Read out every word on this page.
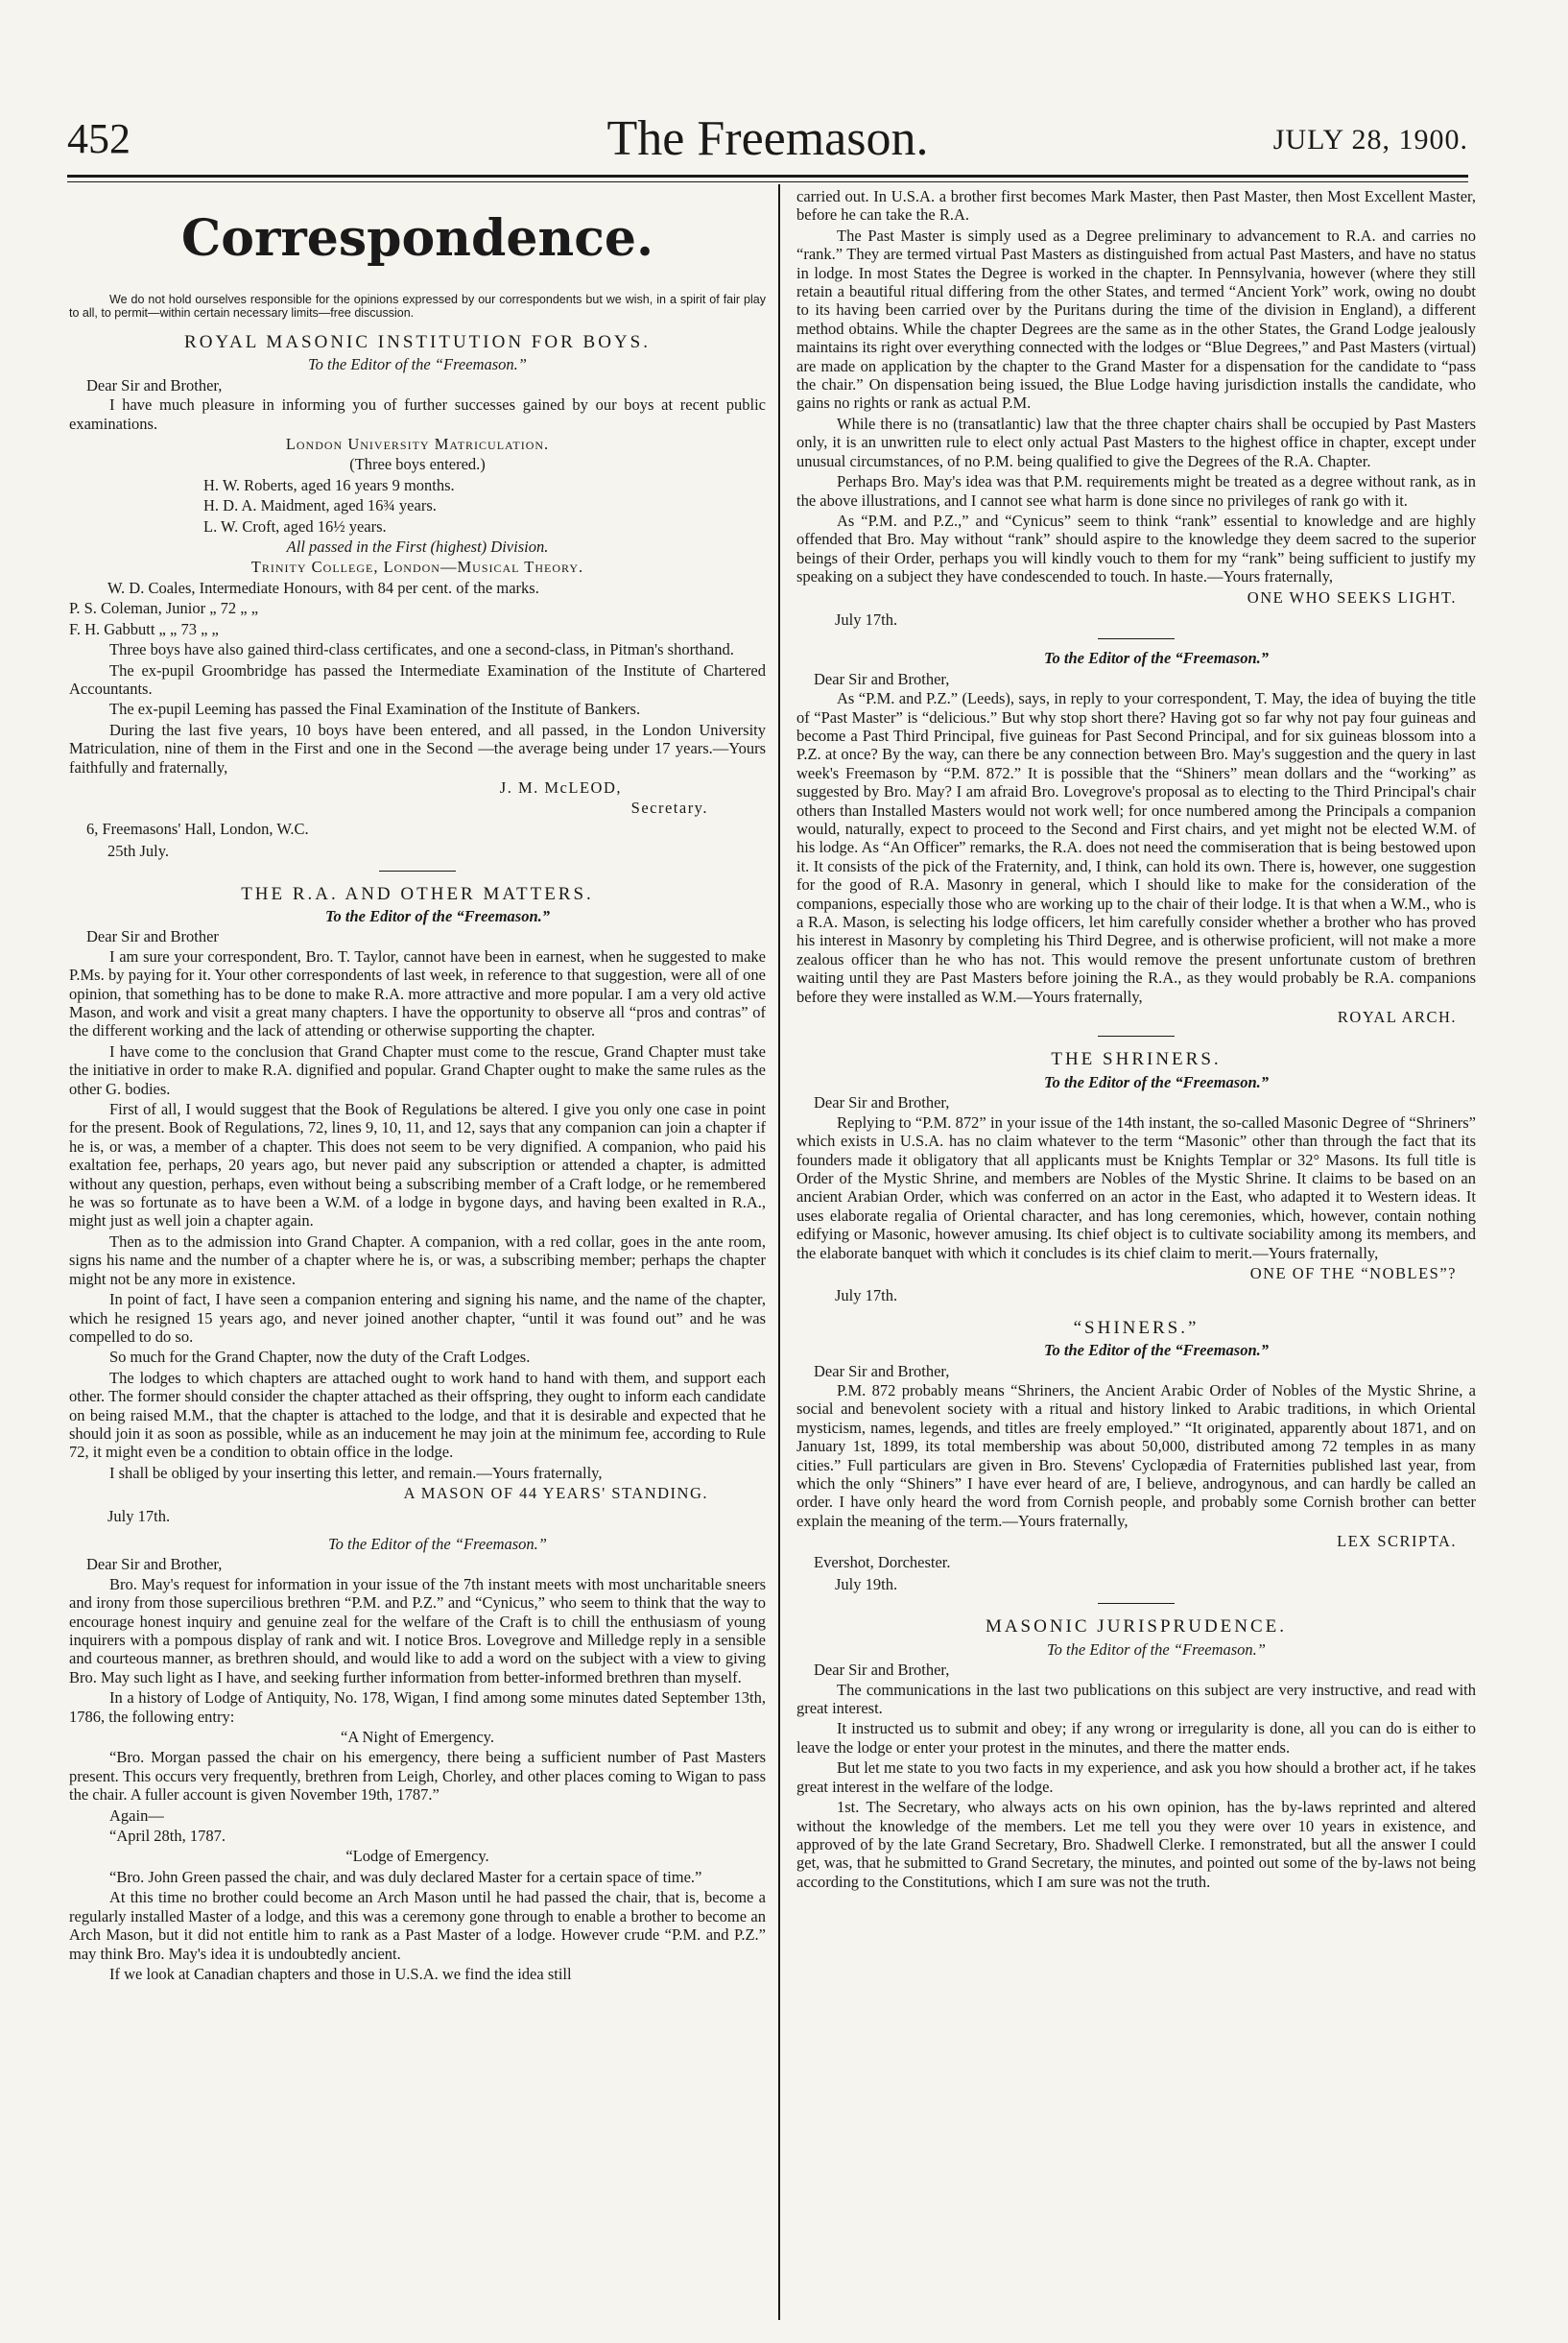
452	The Freemason.	JULY 28, 1900.
Correspondence.

We do not hold ourselves responsible for the opinions expressed by our correspondents but we wish, in a spirit of fair play to all, to permit—within certain necessary limits—free discussion.

ROYAL MASONIC INSTITUTION FOR BOYS.

To the Editor of the “Freemason.”

Dear Sir and Brother,

I have much pleasure in informing you of further successes gained by our boys at recent public examinations.

London University Matriculation.

(Three boys entered.)

H. W. Roberts, aged 16 years 9 months.

H. D. A. Maidment, aged 16¾ years.

L. W. Croft, aged 16½ years.

All passed in the First (highest) Division.

Trinity College, London—Musical Theory.

W. D. Coales, Intermediate Honours, with 84 per cent. of the marks.

P. S. Coleman, Junior „ 72 „ „

F. H. Gabbutt „ „ 73 „ „

Three boys have also gained third-class certificates, and one a second-class, in Pitman's shorthand.

The ex-pupil Groombridge has passed the Intermediate Examination of the Institute of Chartered Accountants.

The ex-pupil Leeming has passed the Final Examination of the Institute of Bankers.

During the last five years, 10 boys have been entered, and all passed, in the London University Matriculation, nine of them in the First and one in the Second —the average being under 17 years.—Yours faithfully and fraternally,

J. M. McLEOD,

Secretary.

6, Freemasons' Hall, London, W.C.

25th July.

THE R.A. AND OTHER MATTERS.

To the Editor of the “Freemason.”

Dear Sir and Brother

I am sure your correspondent, Bro. T. Taylor, cannot have been in earnest, when he suggested to make P.Ms. by paying for it. Your other correspondents of last week, in reference to that suggestion, were all of one opinion, that something has to be done to make R.A. more attractive and more popular. I am a very old active Mason, and work and visit a great many chapters. I have the opportunity to observe all “pros and contras” of the different working and the lack of attending or otherwise supporting the chapter.

I have come to the conclusion that Grand Chapter must come to the rescue, Grand Chapter must take the initiative in order to make R.A. dignified and popular. Grand Chapter ought to make the same rules as the other G. bodies.

First of all, I would suggest that the Book of Regulations be altered. I give you only one case in point for the present. Book of Regulations, 72, lines 9, 10, 11, and 12, says that any companion can join a chapter if he is, or was, a member of a chapter. This does not seem to be very dignified. A companion, who paid his exaltation fee, perhaps, 20 years ago, but never paid any subscription or attended a chapter, is admitted without any question, perhaps, even without being a subscribing member of a Craft lodge, or he remembered he was so fortunate as to have been a W.M. of a lodge in bygone days, and having been exalted in R.A., might just as well join a chapter again.

Then as to the admission into Grand Chapter. A companion, with a red collar, goes in the ante room, signs his name and the number of a chapter where he is, or was, a subscribing member; perhaps the chapter might not be any more in existence.

In point of fact, I have seen a companion entering and signing his name, and the name of the chapter, which he resigned 15 years ago, and never joined another chapter, “until it was found out” and he was compelled to do so.

So much for the Grand Chapter, now the duty of the Craft Lodges.

The lodges to which chapters are attached ought to work hand to hand with them, and support each other. The former should consider the chapter attached as their offspring, they ought to inform each candidate on being raised M.M., that the chapter is attached to the lodge, and that it is desirable and expected that he should join it as soon as possible, while as an inducement he may join at the minimum fee, according to Rule 72, it might even be a condition to obtain office in the lodge.

I shall be obliged by your inserting this letter, and remain.—Yours fraternally,

A MASON OF 44 YEARS' STANDING.

July 17th.

To the Editor of the “Freemason.”

Dear Sir and Brother,

Bro. May's request for information in your issue of the 7th instant meets with most uncharitable sneers and irony from those supercilious brethren “P.M. and P.Z.” and “Cynicus,” who seem to think that the way to encourage honest inquiry and genuine zeal for the welfare of the Craft is to chill the enthusiasm of young inquirers with a pompous display of rank and wit. I notice Bros. Lovegrove and Milledge reply in a sensible and courteous manner, as brethren should, and would like to add a word on the subject with a view to giving Bro. May such light as I have, and seeking further information from better-informed brethren than myself.

In a history of Lodge of Antiquity, No. 178, Wigan, I find among some minutes dated September 13th, 1786, the following entry:

“A Night of Emergency.

“Bro. Morgan passed the chair on his emergency, there being a sufficient number of Past Masters present. This occurs very frequently, brethren from Leigh, Chorley, and other places coming to Wigan to pass the chair. A fuller account is given November 19th, 1787.”

Again—

“April 28th, 1787.

“Lodge of Emergency.

“Bro. John Green passed the chair, and was duly declared Master for a certain space of time.”

At this time no brother could become an Arch Mason until he had passed the chair, that is, become a regularly installed Master of a lodge, and this was a ceremony gone through to enable a brother to become an Arch Mason, but it did not entitle him to rank as a Past Master of a lodge. However crude “P.M. and P.Z.” may think Bro. May's idea it is undoubtedly ancient.

If we look at Canadian chapters and those in U.S.A. we find the idea still

carried out. In U.S.A. a brother first becomes Mark Master, then Past Master, then Most Excellent Master, before he can take the R.A.

The Past Master is simply used as a Degree preliminary to advancement to R.A. and carries no “rank.” They are termed virtual Past Masters as distinguished from actual Past Masters, and have no status in lodge. In most States the Degree is worked in the chapter. In Pennsylvania, however (where they still retain a beautiful ritual differing from the other States, and termed “Ancient York” work, owing no doubt to its having been carried over by the Puritans during the time of the division in England), a different method obtains. While the chapter Degrees are the same as in the other States, the Grand Lodge jealously maintains its right over everything connected with the lodges or “Blue Degrees,” and Past Masters (virtual) are made on application by the chapter to the Grand Master for a dispensation for the candidate to “pass the chair.” On dispensation being issued, the Blue Lodge having jurisdiction installs the candidate, who gains no rights or rank as actual P.M.

While there is no (transatlantic) law that the three chapter chairs shall be occupied by Past Masters only, it is an unwritten rule to elect only actual Past Masters to the highest office in chapter, except under unusual circumstances, of no P.M. being qualified to give the Degrees of the R.A. Chapter.

Perhaps Bro. May's idea was that P.M. requirements might be treated as a degree without rank, as in the above illustrations, and I cannot see what harm is done since no privileges of rank go with it.

As “P.M. and P.Z.,” and “Cynicus” seem to think “rank” essential to knowledge and are highly offended that Bro. May without “rank” should aspire to the knowledge they deem sacred to the superior beings of their Order, perhaps you will kindly vouch to them for my “rank” being sufficient to justify my speaking on a subject they have condescended to touch. In haste.—Yours fraternally,

ONE WHO SEEKS LIGHT.

July 17th.

To the Editor of the “Freemason.”

Dear Sir and Brother,

As “P.M. and P.Z.” (Leeds), says, in reply to your correspondent, T. May, the idea of buying the title of “Past Master” is “delicious.” But why stop short there? Having got so far why not pay four guineas and become a Past Third Principal, five guineas for Past Second Principal, and for six guineas blossom into a P.Z. at once? By the way, can there be any connection between Bro. May's suggestion and the query in last week's Freemason by “P.M. 872.” It is possible that the “Shiners” mean dollars and the “working” as suggested by Bro. May? I am afraid Bro. Lovegrove's proposal as to electing to the Third Principal's chair others than Installed Masters would not work well; for once numbered among the Principals a companion would, naturally, expect to proceed to the Second and First chairs, and yet might not be elected W.M. of his lodge. As “An Officer” remarks, the R.A. does not need the commiseration that is being bestowed upon it. It consists of the pick of the Fraternity, and, I think, can hold its own. There is, however, one suggestion for the good of R.A. Masonry in general, which I should like to make for the consideration of the companions, especially those who are working up to the chair of their lodge. It is that when a W.M., who is a R.A. Mason, is selecting his lodge officers, let him carefully consider whether a brother who has proved his interest in Masonry by completing his Third Degree, and is otherwise proficient, will not make a more zealous officer than he who has not. This would remove the present unfortunate custom of brethren waiting until they are Past Masters before joining the R.A., as they would probably be R.A. companions before they were installed as W.M.—Yours fraternally,

ROYAL ARCH.

THE SHRINERS.

To the Editor of the “Freemason.”

Dear Sir and Brother,

Replying to “P.M. 872” in your issue of the 14th instant, the so-called Masonic Degree of “Shriners” which exists in U.S.A. has no claim whatever to the term “Masonic” other than through the fact that its founders made it obligatory that all applicants must be Knights Templar or 32° Masons. Its full title is Order of the Mystic Shrine, and members are Nobles of the Mystic Shrine. It claims to be based on an ancient Arabian Order, which was conferred on an actor in the East, who adapted it to Western ideas. It uses elaborate regalia of Oriental character, and has long ceremonies, which, however, contain nothing edifying or Masonic, however amusing. Its chief object is to cultivate sociability among its members, and the elaborate banquet with which it concludes is its chief claim to merit.—Yours fraternally,

ONE OF THE “NOBLES”?

July 17th.

“SHINERS.”

To the Editor of the “Freemason.”

Dear Sir and Brother,

P.M. 872 probably means “Shriners, the Ancient Arabic Order of Nobles of the Mystic Shrine, a social and benevolent society with a ritual and history linked to Arabic traditions, in which Oriental mysticism, names, legends, and titles are freely employed.” “It originated, apparently about 1871, and on January 1st, 1899, its total membership was about 50,000, distributed among 72 temples in as many cities.” Full particulars are given in Bro. Stevens' Cyclopædia of Fraternities published last year, from which the only “Shiners” I have ever heard of are, I believe, androgynous, and can hardly be called an order. I have only heard the word from Cornish people, and probably some Cornish brother can better explain the meaning of the term.—Yours fraternally,

LEX SCRIPTA.

Evershot, Dorchester.

July 19th.

MASONIC JURISPRUDENCE.

To the Editor of the “Freemason.”

Dear Sir and Brother,

The communications in the last two publications on this subject are very instructive, and read with great interest.

It instructed us to submit and obey; if any wrong or irregularity is done, all you can do is either to leave the lodge or enter your protest in the minutes, and there the matter ends.

But let me state to you two facts in my experience, and ask you how should a brother act, if he takes great interest in the welfare of the lodge.

1st. The Secretary, who always acts on his own opinion, has the by-laws reprinted and altered without the knowledge of the members. Let me tell you they were over 10 years in existence, and approved of by the late Grand Secretary, Bro. Shadwell Clerke. I remonstrated, but all the answer I could get, was, that he submitted to Grand Secretary, the minutes, and pointed out some of the by-laws not being according to the Constitutions, which I am sure was not the truth.
